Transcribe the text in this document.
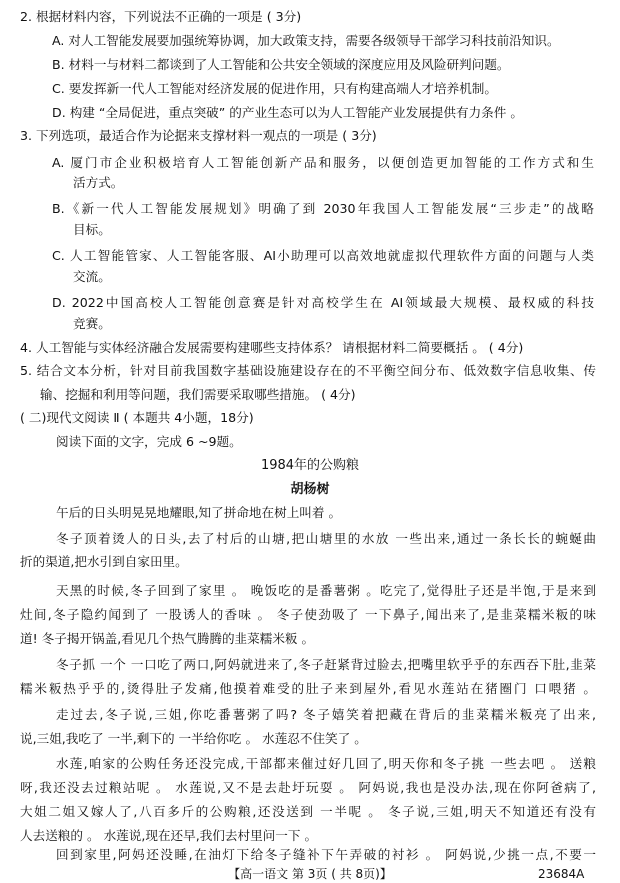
2. 根据材料内容，下列说法不正确的一项是 ( 3分)
A. 对人工智能发展要加强统筹协调，加大政策支持，需要各级领导干部学习科技前沿知识。
B. 材料一与材料二都谈到了人工智能和公共安全领域的深度应用及风险研判问题。
C. 要发挥新一代人工智能对经济发展的促进作用，只有构建高端人才培养机制。
D. 构建 “全局促进，重点突破” 的产业生态可以为人工智能产业发展提供有力条件 。
3. 下列选项，最适合作为论据来支撑材料一观点的一项是 ( 3分)
A. 厦门市企业积极培育人工智能创新产品和服务，以便创造更加智能的工作方式和生
活方式。
B.《新一代人工智能发展规划》明确了到 2030年我国人工智能发展“三步走”的战略
目标。
C. 人工智能管家、人工智能客服、AI小助理可以高效地就虚拟代理软件方面的问题与人类
交流。
D. 2022中国高校人工智能创意赛是针对高校学生在 AI领域最大规模、最权威的科技
竞赛。
4. 人工智能与实体经济融合发展需要构建哪些支持体系？ 请根据材料二简要概括 。 ( 4分)
5. 结合文本分析，针对目前我国数字基础设施建设存在的不平衡空间分布、低效数字信息收集、传
输、挖掘和利用等问题，我们需要采取哪些措施。 ( 4分)
( 二)现代文阅读 Ⅱ ( 本题共 4小题，18分)
阅读下面的文字，完成 6 ~9题。
1984年的公购粮
胡杨树
午后的日头明晃晃地耀眼,知了拼命地在树上叫着 。
冬子顶着烫人的日头,去了村后的山塘,把山塘里的水放 一些出来,通过一条长长的蜿蜒曲
折的渠道,把水引到自家田里。
天黑的时候,冬子回到了家里 。 晚饭吃的是番薯粥 。吃完了,觉得肚子还是半饱,于是来到
灶间,冬子隐约闻到了 一股诱人的香味 。 冬子使劲吸了 一下鼻子,闻出来了,是韭菜糯米粄的味
道! 冬子揭开锅盖,看见几个热气腾腾的韭菜糯米粄 。
冬子抓 一个 一口吃了两口,阿妈就进来了,冬子赶紧背过脸去,把嘴里软乎乎的东西吞下肚,韭菜
糯米粄热乎乎的,烫得肚子发痛,他摸着难受的肚子来到屋外,看见水莲站在猪圈门 口喂猪 。
走过去,冬子说,三姐,你吃番薯粥了吗? 冬子嬉笑着把藏在背后的韭菜糯米粄亮了出来,
说,三姐,我吃了 一半,剩下的 一半给你吃 。 水莲忍不住笑了 。
水莲,咱家的公购任务还没完成,干部都来催过好几回了,明天你和冬子挑 一些去吧 。 送粮
呀,我还没去过粮站呢 。 水莲说,又不是去赴圩玩耍 。 阿妈说,我也是没办法,现在你阿爸病了,
大姐二姐又嫁人了,八百多斤的公购粮,还没送到 一半呢 。 冬子说,三姐,明天不知道还有没有
人去送粮的 。 水莲说,现在还早,我们去村里问一下 。
回到家里,阿妈还没睡,在油灯下给冬子缝补下午弄破的衬衫 。 阿妈说,少挑一点,不要一
【高一语文 第 3页 ( 共 8页)】	23684A
